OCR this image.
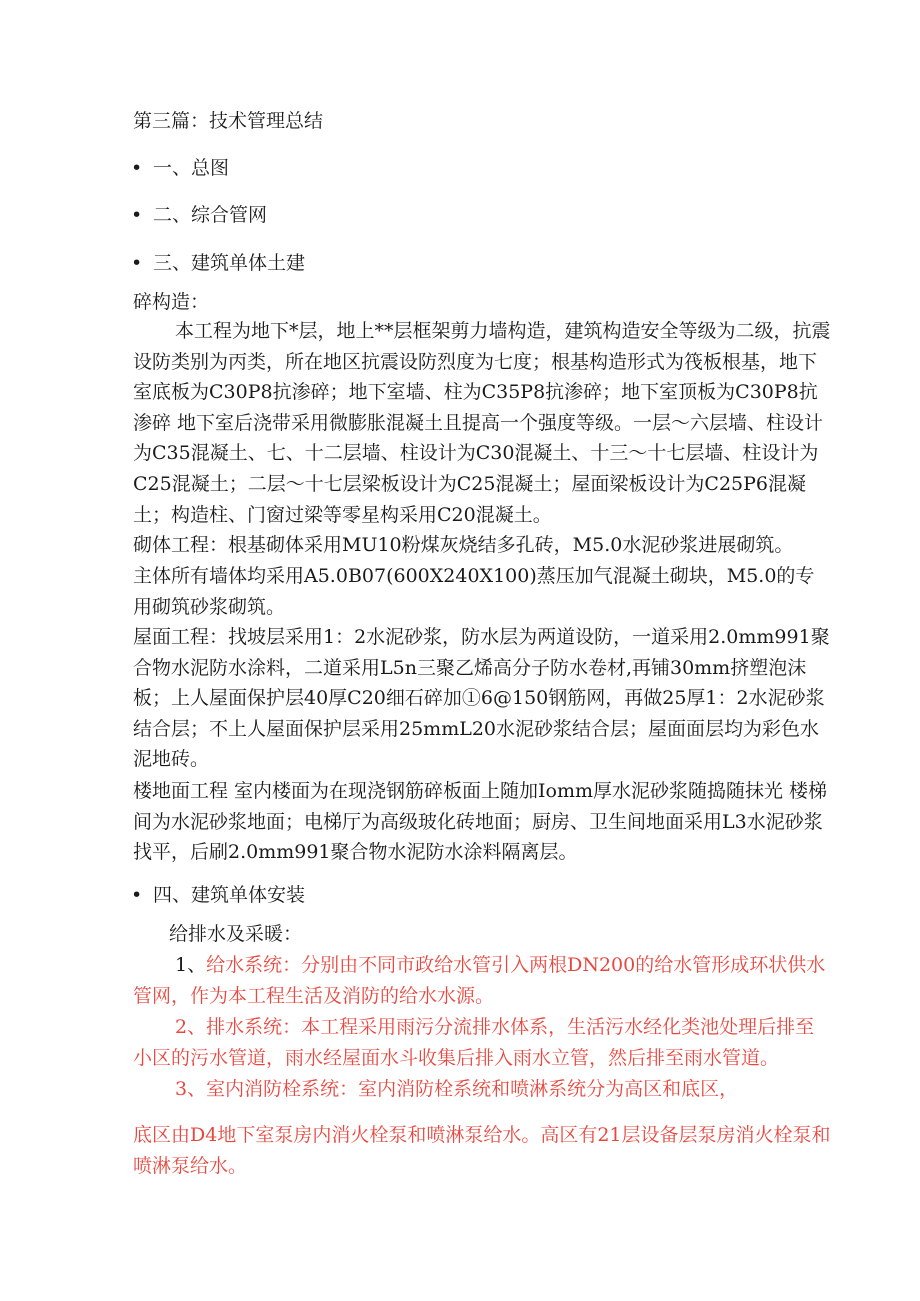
第三篇：技术管理总结
• 一、总图
• 二、综合管网
• 三、建筑单体土建
碎构造：
本工程为地下*层，地上**层框架剪力墙构造，建筑构造安全等级为二级，抗震设防类别为丙类，所在地区抗震设防烈度为七度；根基构造形式为筏板根基，地下室底板为C30P8抗渗碎；地下室墙、柱为C35P8抗渗碎；地下室顶板为C30P8抗渗碎 地下室后浇带采用微膨胀混凝土且提高一个强度等级。一层～六层墙、柱设计为C35混凝土、七、十二层墙、柱设计为C30混凝土、十三～十七层墙、柱设计为C25混凝土；二层～十七层梁板设计为C25混凝土；屋面梁板设计为C25P6混凝土；构造柱、门窗过梁等零星构采用C20混凝土。
砌体工程：根基砌体采用MU10粉煤灰烧结多孔砖，M5.0水泥砂浆进展砌筑。
主体所有墙体均采用A5.0B07(600X240X100)蒸压加气混凝土砌块，M5.0的专用砌筑砂浆砌筑。
屋面工程：找坡层采用1：2水泥砂浆，防水层为两道设防，一道采用2.0mm991聚合物水泥防水涂料，二道采用L5n三聚乙烯高分子防水卷材,再铺30mm挤塑泡沫板；上人屋面保护层40厚C20细石碎加①6@150钢筋网，再做25厚1：2水泥砂浆结合层；不上人屋面保护层采用25mmL20水泥砂浆结合层；屋面面层均为彩色水泥地砖。
楼地面工程 室内楼面为在现浇钢筋碎板面上随加Iomm厚水泥砂浆随捣随抹光 楼梯间为水泥砂浆地面；电梯厅为高级玻化砖地面；厨房、卫生间地面采用L3水泥砂浆找平，后刷2.0mm991聚合物水泥防水涂料隔离层。
• 四、建筑单体安装
给排水及采暖：
1、给水系统：分别由不同市政给水管引入两根DN200的给水管形成环状供水管网，作为本工程生活及消防的给水水源。
2、排水系统：本工程采用雨污分流排水体系，生活污水经化类池处理后排至小区的污水管道，雨水经屋面水斗收集后排入雨水立管，然后排至雨水管道。
3、室内消防栓系统：室内消防栓系统和喷淋系统分为高区和底区，
底区由D4地下室泵房内消火栓泵和喷淋泵给水。高区有21层设备层泵房消火栓泵和喷淋泵给水。
